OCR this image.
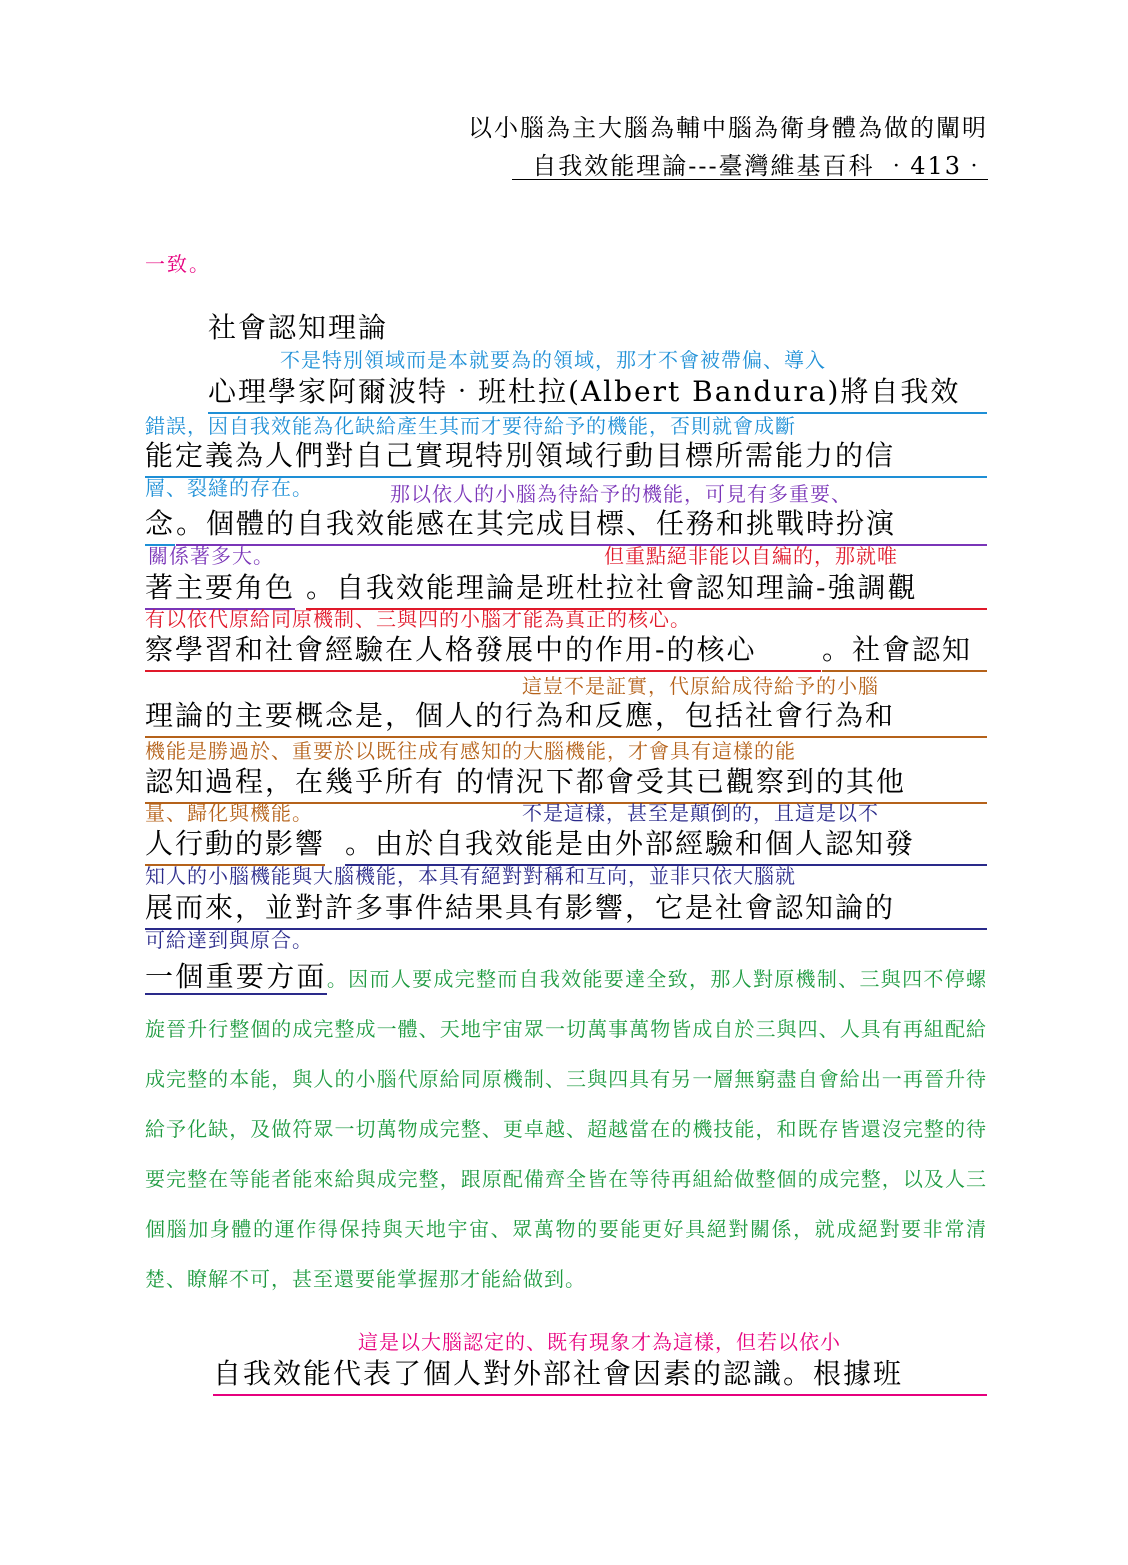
以小腦為主大腦為輔中腦為衛身體為做的闡明
自我效能理論---臺灣維基百科 ‧413‧
一致。
社會認知理論
不是特別領域而是本就要為的領域，那才不會被帶偏、導入
心理學家阿爾波特‧班杜拉(Albert Bandura)將自我效
錯誤，因自我效能為化缺給產生其而才要待給予的機能，否則就會成斷
能定義為人們對自己實現特別領域行動目標所需能力的信
層、裂縫的存在。	那以依人的小腦為待給予的機能，可見有多重要、
念 。個體的自我效能感在其完成目標、任務和挑戰時扮演
關係著多大。	但重點絕非能以自編的，那就唯
著主要角色 。自我效能理論是班杜拉社會認知理論-強調觀
有以依代原給同原機制、三與四的小腦才能為真正的核心。
察學習和社會經驗在人格發展中的作用-的核心	。社會認知
這豈不是証實，代原給成待給予的小腦
理論的主要概念是，個人的行為和反應，包括社會行為和
機能是勝過於、重要於以既往成有感知的大腦機能，才會具有這樣的能
認知過程，在幾乎所有 的情況下都會受其已觀察到的其他
量、歸化與機能。	不是這樣，甚至是顛倒的，且這是以不
人行動的影響 。由於自我效能是由外部經驗和個人認知發
知人的小腦機能與大腦機能，本具有絕對對稱和互向，並非只依大腦就
展而來，並對許多事件結果具有影響，它是社會認知論的
可給達到與原合。
一個重要方面。因而人要成完整而自我效能要達全致，那人對原機制、三與四不停螺旋晉升行整個的成完整成一體、天地宇宙眾一切萬事萬物皆成自於三與四、人具有再組配給成完整的本能，與人的小腦代原給同原機制、三與四具有另一層無窮盡自會給出一再晉升待給予化缺，及做符眾一切萬物成完整、更卓越、超越當在的機技能，和既存皆還沒完整的待要完整在等能者能來給與成完整，跟原配備齊全皆在等待再組給做整個的成完整，以及人三個腦加身體的運作得保持與天地宇宙、眾萬物的要能更好具絕對關係，就成絕對要非常清楚、瞭解不可，甚至還要能掌握那才能給做到。
這是以大腦認定的、既有現象才為這樣，但若以依小
自我效能代表了個人對外部社會因素的認識。根據班
